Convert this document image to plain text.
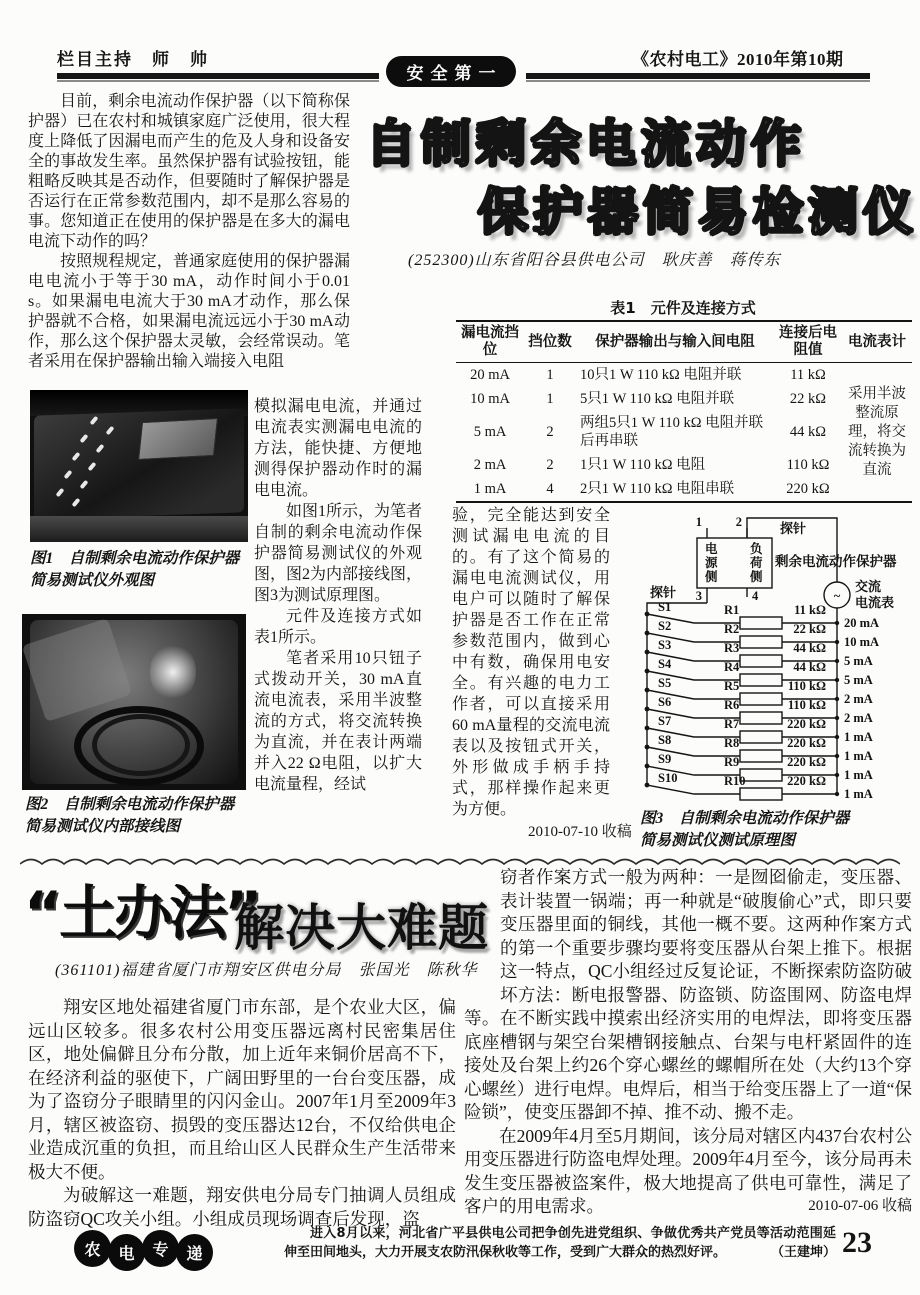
栏目主持　师　帅
安全第一
《农村电工》2010年第10期

目前，剩余电流动作保护器（以下简称保护器）已在农村和城镇家庭广泛使用，很大程度上降低了因漏电而产生的危及人身和设备安全的事故发生率。虽然保护器有试验按钮，能粗略反映其是否动作，但要随时了解保护器是否运行在正常参数范围内，却不是那么容易的事。您知道正在使用的保护器是在多大的漏电电流下动作的吗？

按照规程规定，普通家庭使用的保护器漏电电流小于等于30 mA，动作时间小于0.01 s。如果漏电电流大于30 mA才动作，那么保护器就不合格，如果漏电流远远小于30 mA动作，那么这个保护器太灵敏，会经常误动。笔者采用在保护器输出输入端接入电阻

自制剩余电流动作
保护器简易检测仪
(252300)山东省阳谷县供电公司　耿庆善　蒋传东
表1　元件及连接方式
漏电流挡位	挡位数	保护器输出与输入间电阻	连接后电阻值	电流表计
20 mA	1	10只1 W 110 kΩ 电阻并联	11 kΩ	采用半波整流原理，将交流转换为直流
10 mA	1	5只1 W 110 kΩ 电阻并联	22 kΩ	
5 mA	2	两组5只1 W 110 kΩ 电阻并联后再串联	44 kΩ	
2 mA	2	1只1 W 110 kΩ 电阻	110 kΩ	
1 mA	4	2只1 W 110 kΩ 电阻串联	220 kΩ	
图1　自制剩余电流动作保护器简易测试仪外观图
图2　自制剩余电流动作保护器简易测试仪内部接线图

模拟漏电电流，并通过电流表实测漏电电流的方法，能快捷、方便地测得保护器动作时的漏电电流。

如图1所示，为笔者自制的剩余电流动作保护器简易测试仪的外观图，图2为内部接线图，图3为测试原理图。

元件及连接方式如表1所示。

笔者采用10只钮子式拨动开关，30 mA直流电流表，采用半波整流的方式，将交流转换为直流，并在表计两端并入22 Ω电阻，以扩大电流量程，经试

验，完全能达到安全测试漏电电流的目的。有了这个简易的漏电电流测试仪，用电户可以随时了解保护器是否工作在正常参数范围内，做到心中有数，确保用电安全。有兴趣的电力工作者，可以直接采用60 mA量程的交流电流表以及按钮式开关，外形做成手柄手持式，那样操作起来更为方便。

2010-07-10 收稿
电
源
侧
负
荷
侧
剩余电流动作保护器
1	2
3	4
探针
探针	~
交流
电流表
S1	R1	11 kΩ
20 mA
S2	R2	22 kΩ
10 mA
S3	R3	44 kΩ
5 mA
S4	R4	44 kΩ
5 mA
S5	R5	110 kΩ
2 mA
S6	R6	110 kΩ
2 mA
S7	R7	220 kΩ
1 mA
S8	R8	220 kΩ
1 mA
S9	R9	220 kΩ
1 mA
S10	R10	220 kΩ
1 mA
图3　自制剩余电流动作保护器
简易测试仪测试原理图
“土办法”
解决大难题
(361101)福建省厦门市翔安区供电分局　张国光　陈秋华

翔安区地处福建省厦门市东部，是个农业大区，偏远山区较多。很多农村公用变压器远离村民密集居住区，地处偏僻且分布分散，加上近年来铜价居高不下，在经济利益的驱使下，广阔田野里的一台台变压器，成为了盗窃分子眼睛里的闪闪金山。2007年1月至2009年3月，辖区被盗窃、损毁的变压器达12台，不仅给供电企业造成沉重的负担，而且给山区人民群众生产生活带来极大不便。

为破解这一难题，翔安供电分局专门抽调人员组成防盗窃QC攻关小组。小组成员现场调查后发现，盗

窃者作案方式一般为两种：一是囫囵偷走，变压器、表计装置一锅端；再一种就是“破腹偷心”式，即只要变压器里面的铜线，其他一概不要。这两种作案方式的第一个重要步骤均要将变压器从台架上推下。根据这一特点，QC小组经过反复论证，不断探索防盗防破坏方法：断电报警器、防盗锁、防盗围网、防盗电焊等。在不断实践中摸索出经济实用的电焊法，即将变压器底座槽钢与架空台架槽钢接触点、台架与电杆紧固件的连接处及台架上约26个穿心螺丝的螺帽所在处（大约13个穿心螺丝）进行电焊。电焊后，相当于给变压器上了一道“保险锁”，使变压器卸不掉、推不动、搬不走。

在2009年4月至5月期间，该分局对辖区内437台农村公用变压器进行防盗电焊处理。2009年4月至今，该分局再未发生变压器被盗案件，极大地提高了供电可靠性，满足了客户的用电需求。	2010-07-06 收稿

农	电	专	递

进入8月以来，河北省广平县供电公司把争创先进党组织、争做优秀共产党员等活动范围延伸至田间地头，大力开展支农防汛保秋收等工作，受到广大群众的热烈好评。	（王建坤） 23
